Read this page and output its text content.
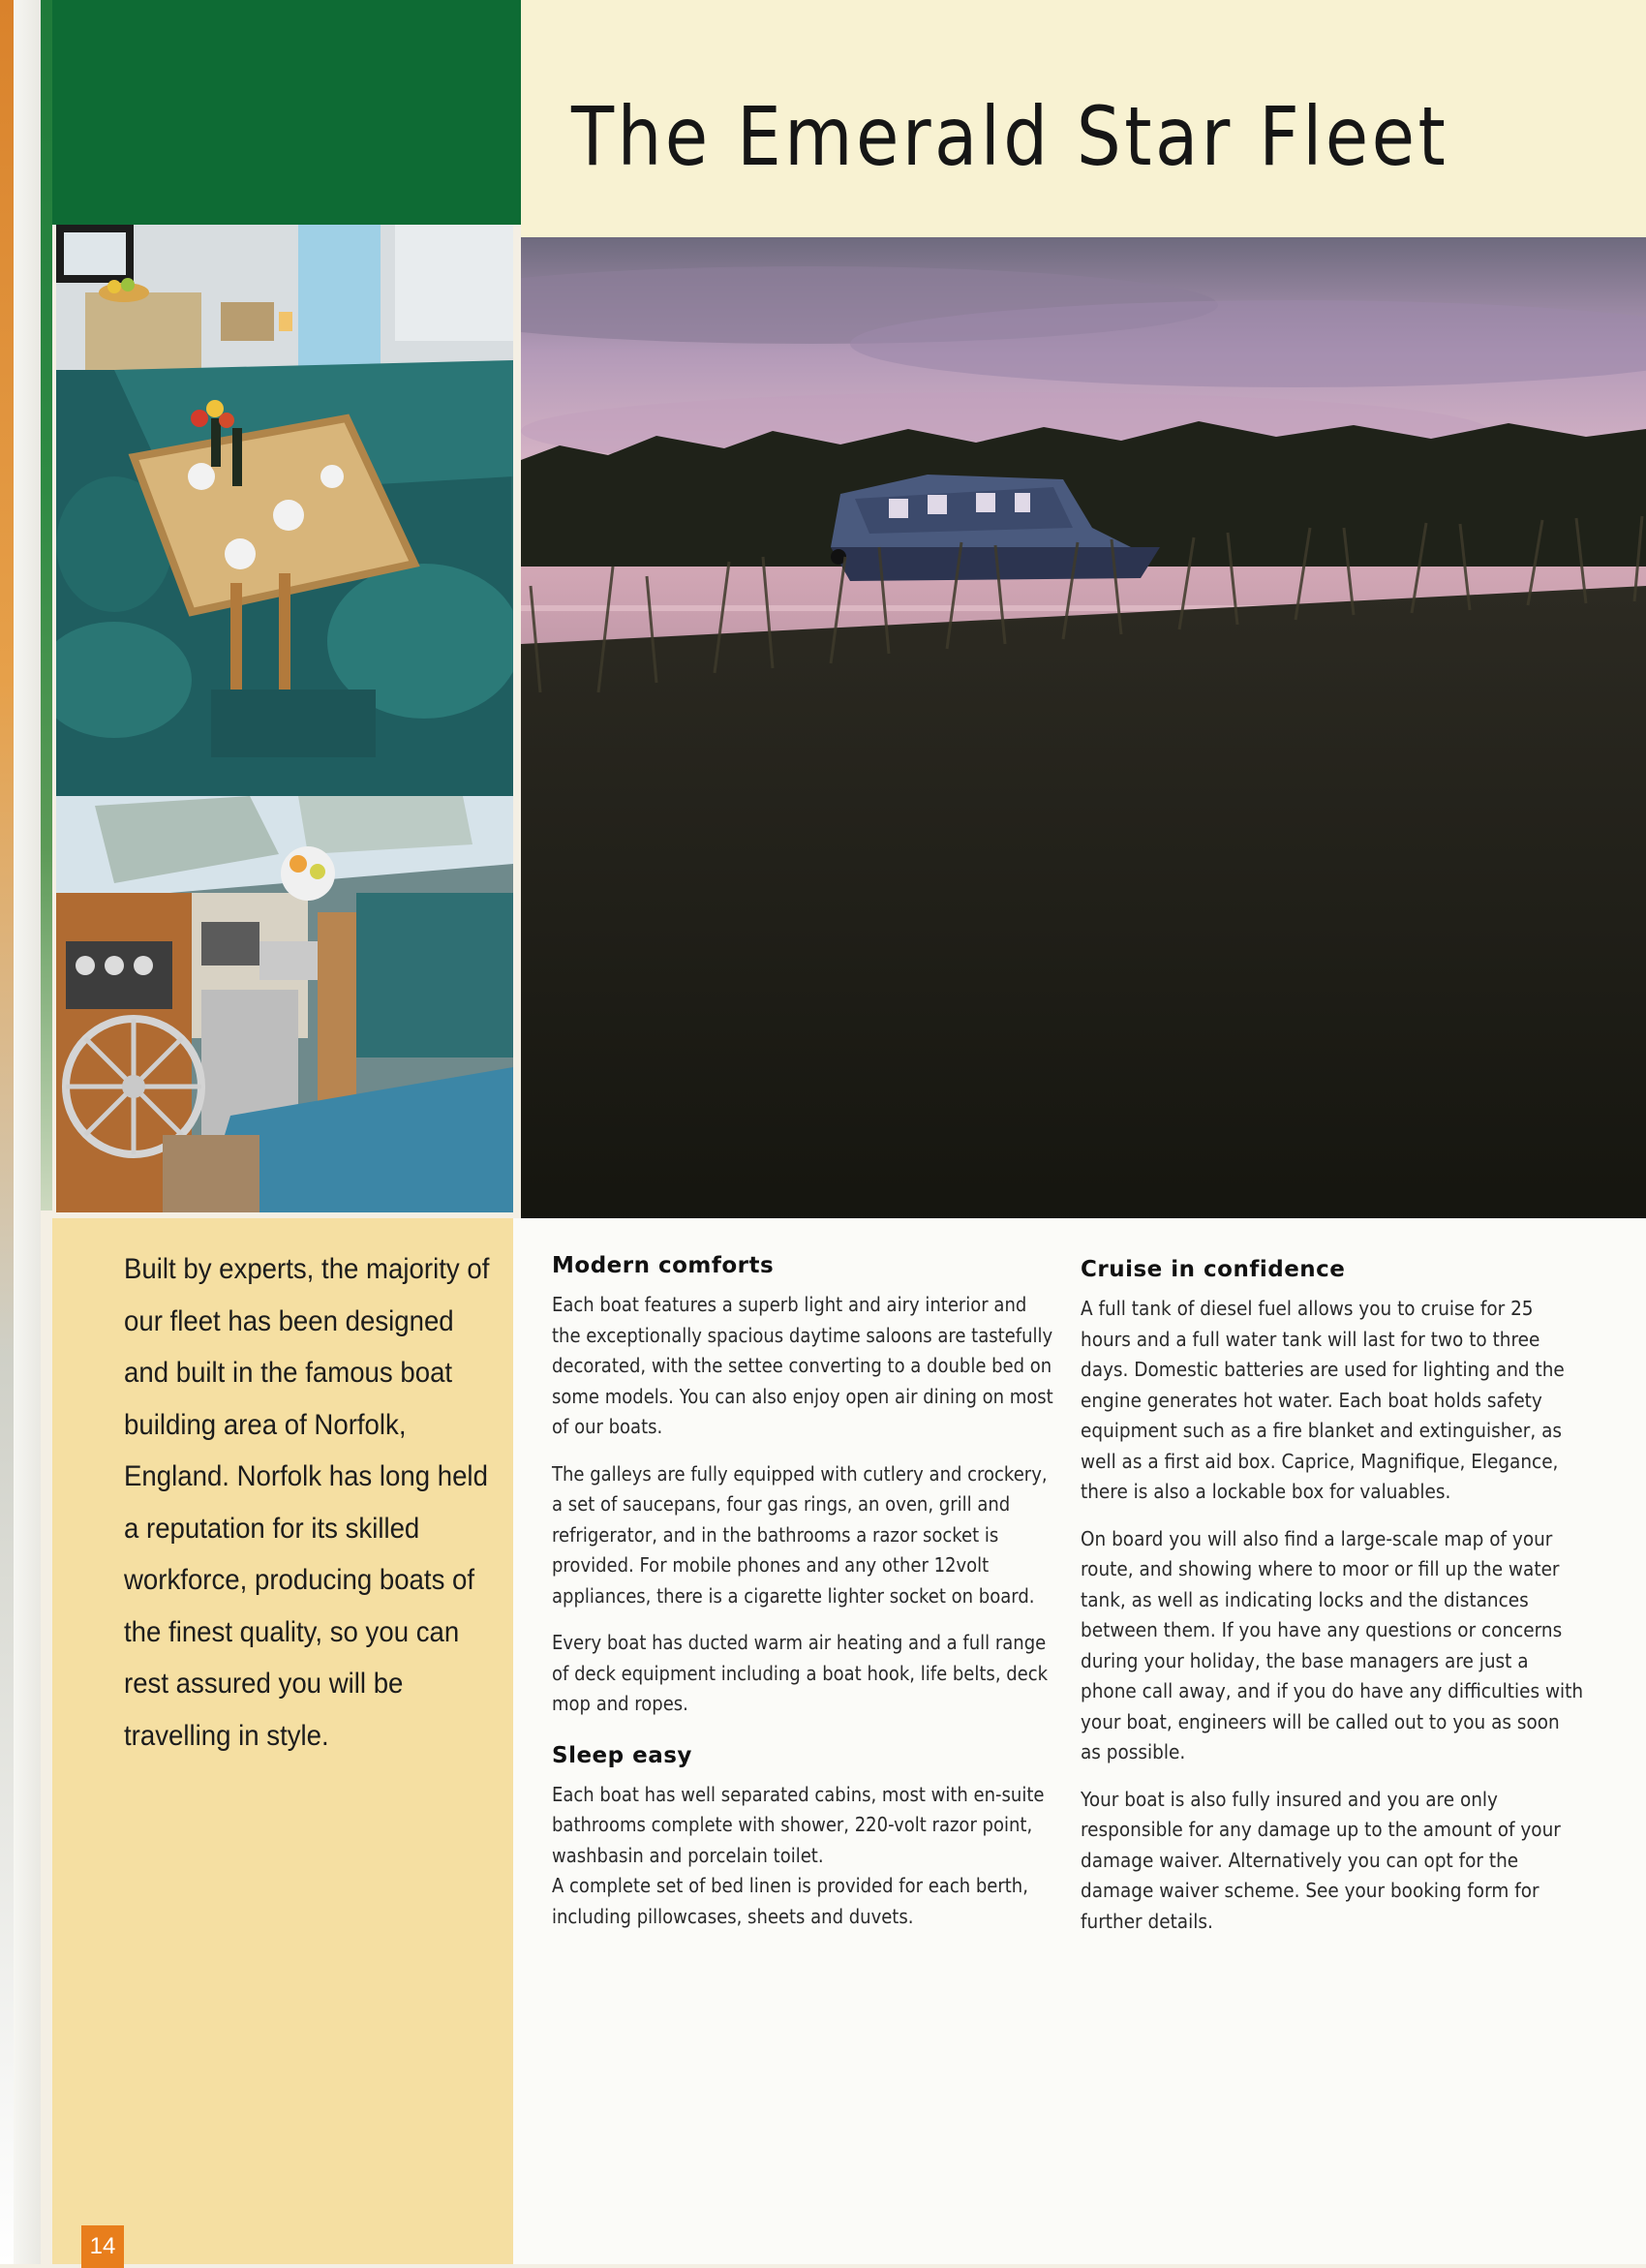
The Emerald Star Fleet

Built by experts, the majority of our fleet has been designed and built in the famous boat building area of Norfolk, England. Norfolk has long held a reputation for its skilled workforce, producing boats of the finest quality, so you can rest assured you will be travelling in style.

14
Modern comforts

Each boat features a superb light and airy interior and the exceptionally spacious daytime saloons are tastefully decorated, with the settee converting to a double bed on some models. You can also enjoy open air dining on most of our boats.

The galleys are fully equipped with cutlery and crockery, a set of saucepans, four gas rings, an oven, grill and refrigerator, and in the bathrooms a razor socket is provided. For mobile phones and any other 12volt appliances, there is a cigarette lighter socket on board.

Every boat has ducted warm air heating and a full range of deck equipment including a boat hook, life belts, deck mop and ropes.

Sleep easy

Each boat has well separated cabins, most with en-suite bathrooms complete with shower, 220-volt razor point, washbasin and porcelain toilet.

A complete set of bed linen is provided for each berth, including pillowcases, sheets and duvets.

Cruise in confidence

A full tank of diesel fuel allows you to cruise for 25 hours and a full water tank will last for two to three days. Domestic batteries are used for lighting and the engine generates hot water. Each boat holds safety equipment such as a fire blanket and extinguisher, as well as a first aid box. Caprice, Magnifique, Elegance, there is also a lockable box for valuables.

On board you will also find a large-scale map of your route, and showing where to moor or fill up the water tank, as well as indicating locks and the distances between them. If you have any questions or concerns during your holiday, the base managers are just a phone call away, and if you do have any difficulties with your boat, engineers will be called out to you as soon as possible.

Your boat is also fully insured and you are only responsible for any damage up to the amount of your damage waiver. Alternatively you can opt for the damage waiver scheme. See your booking form for further details.
